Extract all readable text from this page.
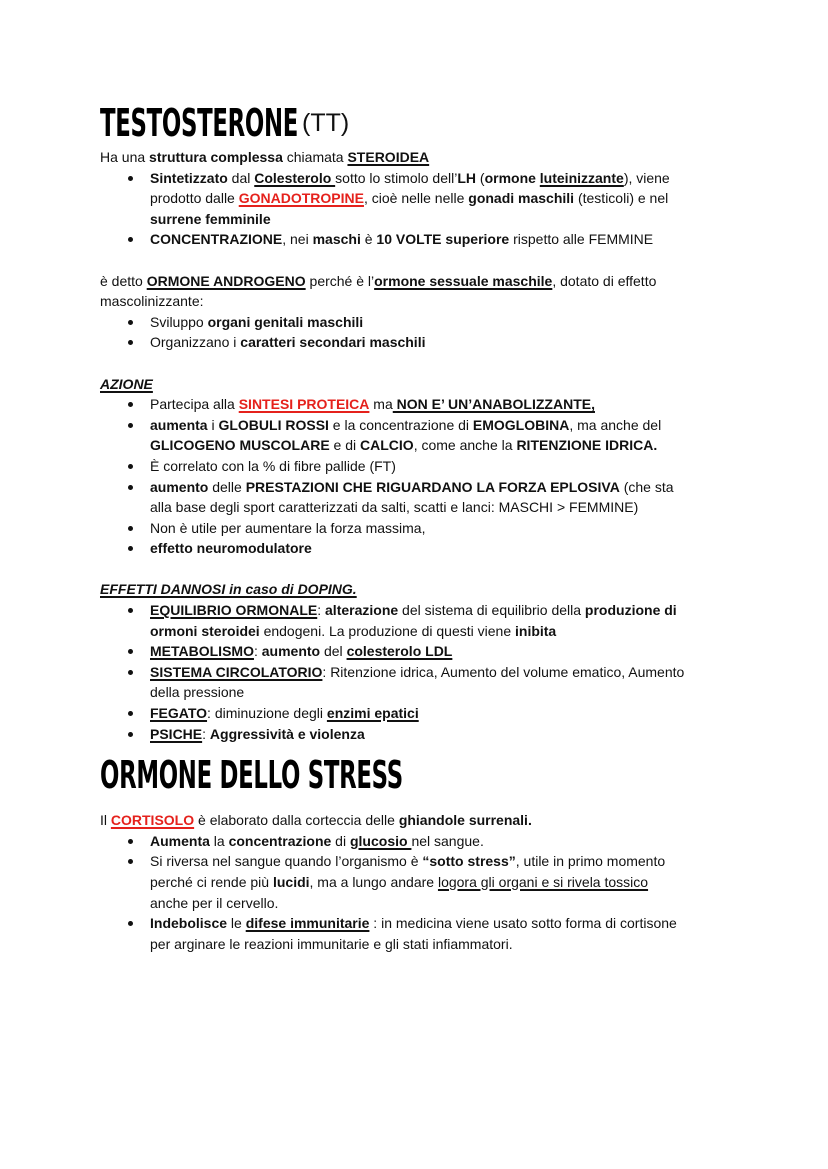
TESTOSTERONE (TT)
Ha una struttura complessa chiamata STEROIDEA
Sintetizzato dal Colesterolo sotto lo stimolo dell’LH (ormone luteinizzante), viene
prodotto dalle GONADOTROPINE, cioè nelle nelle gonadi maschili (testicoli) e nel
surrene femminile
CONCENTRAZIONE, nei maschi è 10 VOLTE superiore rispetto alle FEMMINE
è detto ORMONE ANDROGENO perché è l’ormone sessuale maschile, dotato di effetto
mascolinizzante:
Sviluppo organi genitali maschili
Organizzano i caratteri secondari maschili
AZIONE
Partecipa alla SINTESI PROTEICA ma NON E’ UN’ANABOLIZZANTE,
aumenta i GLOBULI ROSSI e la concentrazione di EMOGLOBINA, ma anche del
GLICOGENO MUSCOLARE e di CALCIO, come anche la RITENZIONE IDRICA.
È correlato con la % di fibre pallide (FT)
aumento delle PRESTAZIONI CHE RIGUARDANO LA FORZA EPLOSIVA (che sta
alla base degli sport caratterizzati da salti, scatti e lanci: MASCHI > FEMMINE)
Non è utile per aumentare la forza massima,
effetto neuromodulatore
EFFETTI DANNOSI in caso di DOPING.
EQUILIBRIO ORMONALE: alterazione del sistema di equilibrio della produzione di
ormoni steroidei endogeni. La produzione di questi viene inibita
METABOLISMO: aumento del colesterolo LDL
SISTEMA CIRCOLATORIO: Ritenzione idrica, Aumento del volume ematico, Aumento
della pressione
FEGATO: diminuzione degli enzimi epatici
PSICHE: Aggressività e violenza
ORMONE DELLO STRESS
Il CORTISOLO è elaborato dalla corteccia delle ghiandole surrenali.
Aumenta la concentrazione di glucosio nel sangue.
Si riversa nel sangue quando l’organismo è “sotto stress”, utile in primo momento
perché ci rende più lucidi, ma a lungo andare logora gli organi e si rivela tossico
anche per il cervello.
Indebolisce le difese immunitarie : in medicina viene usato sotto forma di cortisone
per arginare le reazioni immunitarie e gli stati infiammatori.
